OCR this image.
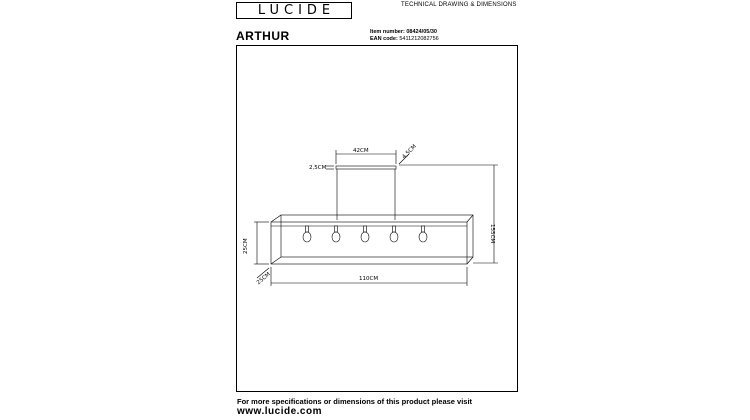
LUCIDE	TECHNICAL DRAWING & DIMENSIONS
ARTHUR	Item number: 08424/05/30
EAN code: 5411212082756
42CM
2,5CM
4,5CM
155CM
25CM
110CM
25CM
For more specifications or dimensions of this product please visit
www.lucide.com
